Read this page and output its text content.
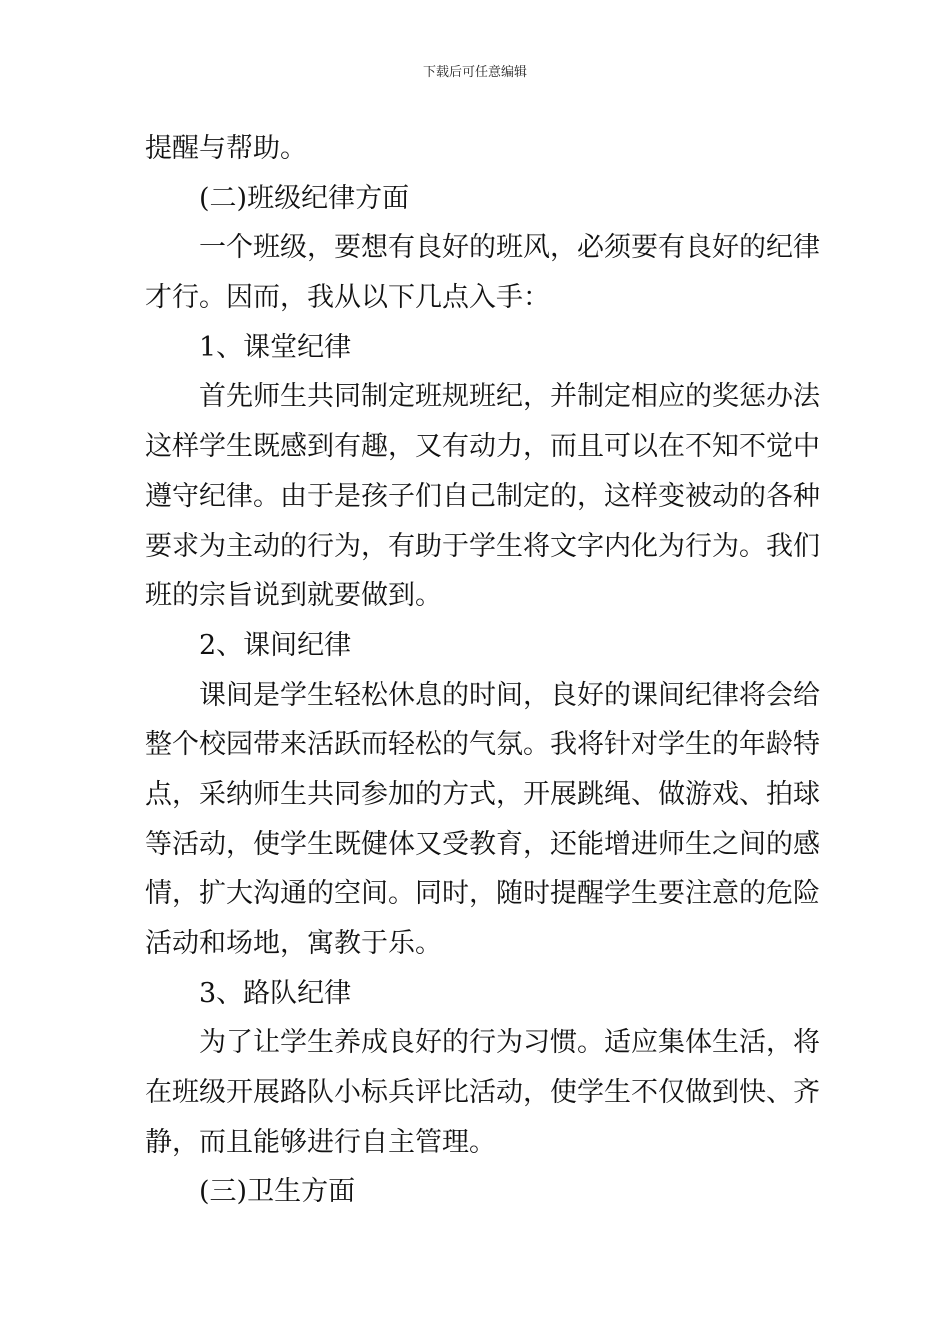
下载后可任意编辑
提醒与帮助。
(二)班级纪律方面
一个班级，要想有良好的班风，必须要有良好的纪律
才行。因而，我从以下几点入手：
1、课堂纪律
首先师生共同制定班规班纪，并制定相应的奖惩办法
这样学生既感到有趣，又有动力，而且可以在不知不觉中
遵守纪律。由于是孩子们自己制定的，这样变被动的各种
要求为主动的行为，有助于学生将文字内化为行为。我们
班的宗旨说到就要做到。
2、课间纪律
课间是学生轻松休息的时间，良好的课间纪律将会给
整个校园带来活跃而轻松的气氛。我将针对学生的年龄特
点，采纳师生共同参加的方式，开展跳绳、做游戏、拍球
等活动，使学生既健体又受教育，还能增进师生之间的感
情，扩大沟通的空间。同时，随时提醒学生要注意的危险
活动和场地，寓教于乐。
3、路队纪律
为了让学生养成良好的行为习惯。适应集体生活，将
在班级开展路队小标兵评比活动，使学生不仅做到快、齐
静，而且能够进行自主管理。
(三)卫生方面
